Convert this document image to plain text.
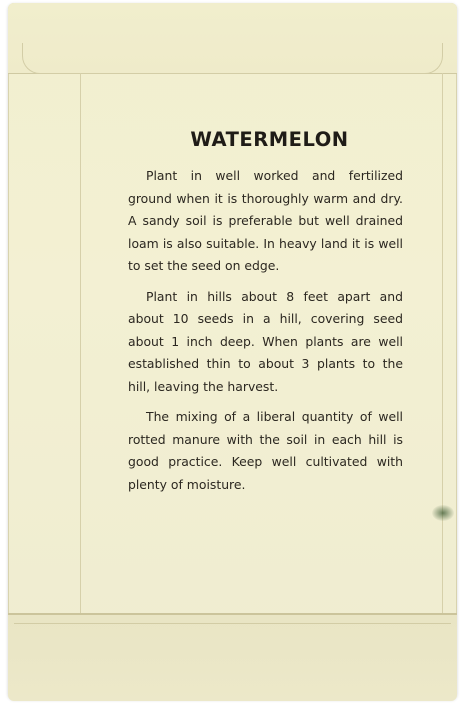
WATERMELON

Plant in well worked and fertilized ground when it is thoroughly warm and dry. A sandy soil is preferable but well drained loam is also suitable. In heavy land it is well to set the seed on edge.

Plant in hills about 8 feet apart and about 10 seeds in a hill, covering seed about 1 inch deep. When plants are well established thin to about 3 plants to the hill, leaving the harvest.

The mixing of a liberal quantity of well rotted manure with the soil in each hill is good practice. Keep well cultivated with plenty of moisture.
